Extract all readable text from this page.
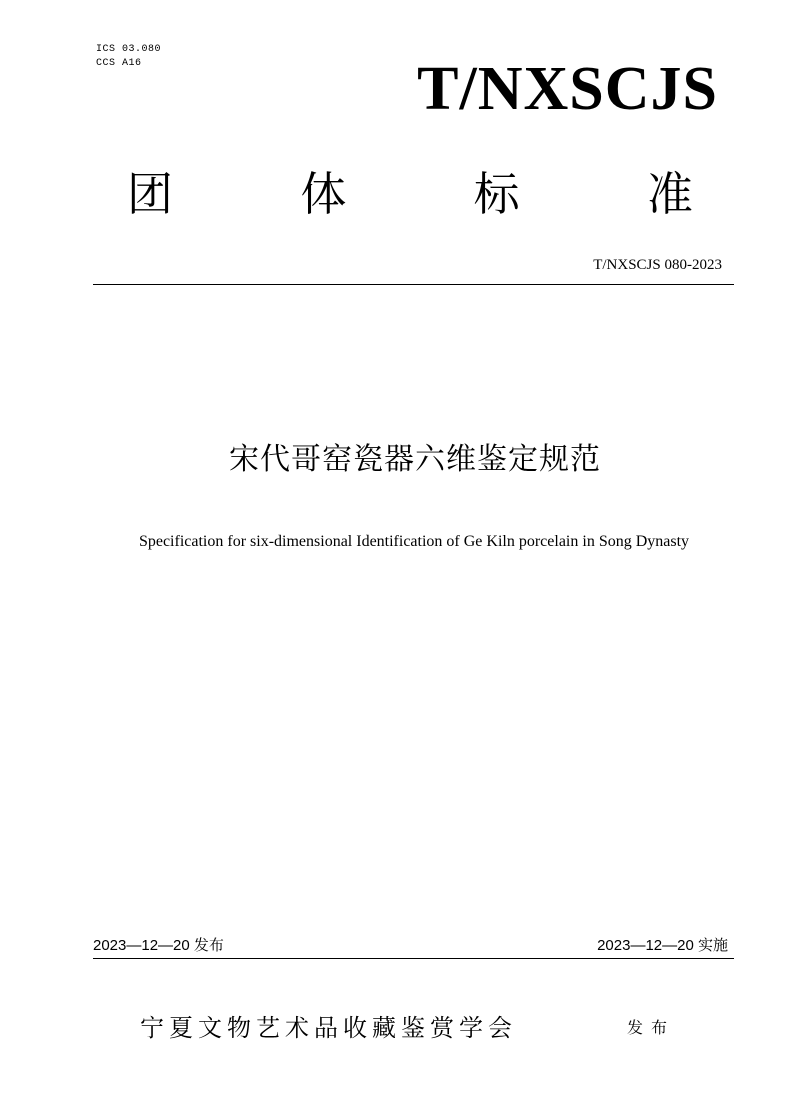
ICS 03.080
CCS A16	T/NXSCJS
团	体	标	准
T/NXSCJS 080-2023
宋代哥窑瓷器六维鉴定规范
Specification for six-dimensional Identification of Ge Kiln porcelain in Song Dynasty
2023—12—20 发布	2023—12—20 实施
宁夏文物艺术品收藏鉴赏学会	发布
